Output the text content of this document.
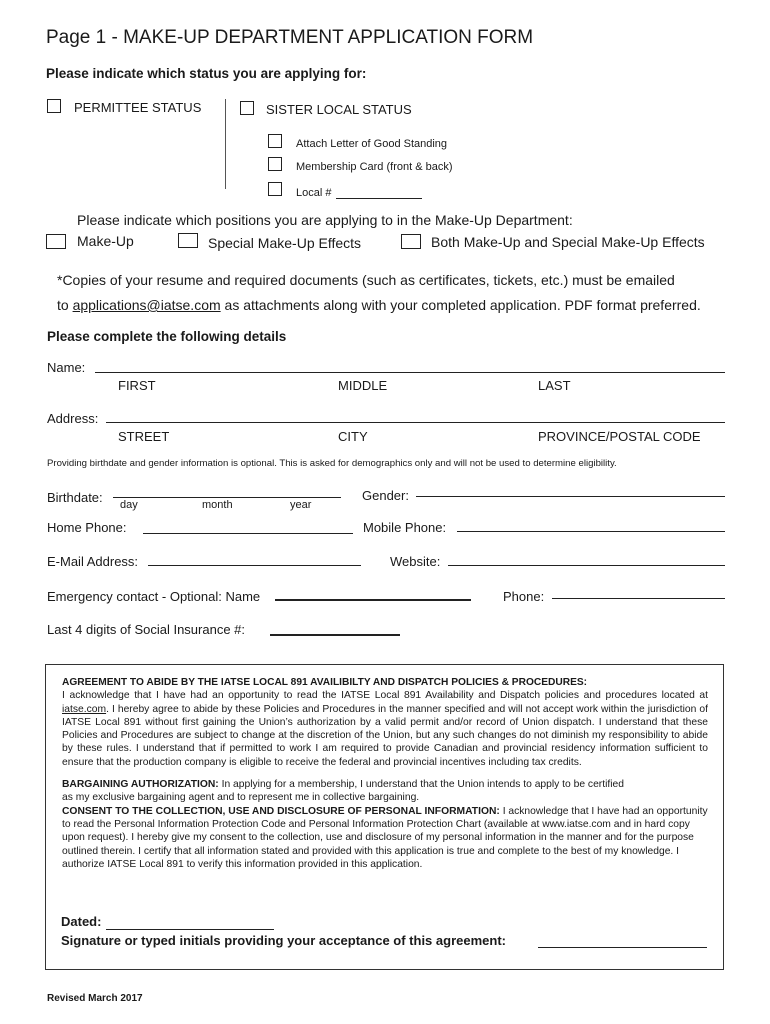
Page 1 - MAKE-UP DEPARTMENT APPLICATION FORM
Please indicate which status you are applying for:
PERMITTEE STATUS	SISTER LOCAL STATUS
Attach Letter of Good Standing
Membership Card (front & back)
Local #
Please indicate which positions you are applying to in the Make-Up Department:
Make-Up	Special Make-Up Effects	Both Make-Up and Special Make-Up Effects
*Copies of your resume and required documents (such as certificates, tickets, etc.) must be emailed
to applications@iatse.com as attachments along with your completed application. PDF format preferred.
Please complete the following details
Name:
FIRST	MIDDLE	LAST
Address:
STREET	CITY	PROVINCE/POSTAL CODE
Providing birthdate and gender information is optional. This is asked for demographics only and will not be used to determine eligibility.
Birthdate: day	month	year
Gender:
Home Phone:	Mobile Phone:
E-Mail Address:	Website:
Emergency contact - Optional: Name	Phone:
Last 4 digits of Social Insurance #:

AGREEMENT TO ABIDE BY THE IATSE LOCAL 891 AVAILIBILTY AND DISPATCH POLICIES & PROCEDURES:

I acknowledge that I have had an opportunity to read the IATSE Local 891 Availability and Dispatch policies and procedures located at iatse.com. I hereby agree to abide by these Policies and Procedures in the manner specified and will not accept work within the jurisdiction of IATSE Local 891 without first gaining the Union’s authorization by a valid permit and/or record of Union dispatch. I understand that these Policies and Procedures are subject to change at the discretion of the Union, but any such changes do not diminish my responsibility to abide by these rules. I understand that if permitted to work I am required to provide Canadian and provincial residency information sufficient to ensure that the production company is eligible to receive the federal and provincial incentives including tax credits.

BARGAINING AUTHORIZATION: In applying for a membership, I understand that the Union intends to apply to be certified
as my exclusive bargaining agent and to represent me in collective bargaining.

CONSENT TO THE COLLECTION, USE AND DISCLOSURE OF PERSONAL INFORMATION: I acknowledge that I have had an opportunity to read the Personal Information Protection Code and Personal Information Protection Chart (available at www.iatse.com and in hard copy upon request). I hereby give my consent to the collection, use and disclosure of my personal information in the manner and for the purpose outlined therein. I certify that all information stated and provided with this application is true and complete to the best of my knowledge. I authorize IATSE Local 891 to verify this information provided in this application.

Dated:
Signature or typed initials providing your acceptance of this agreement:
Revised March 2017
